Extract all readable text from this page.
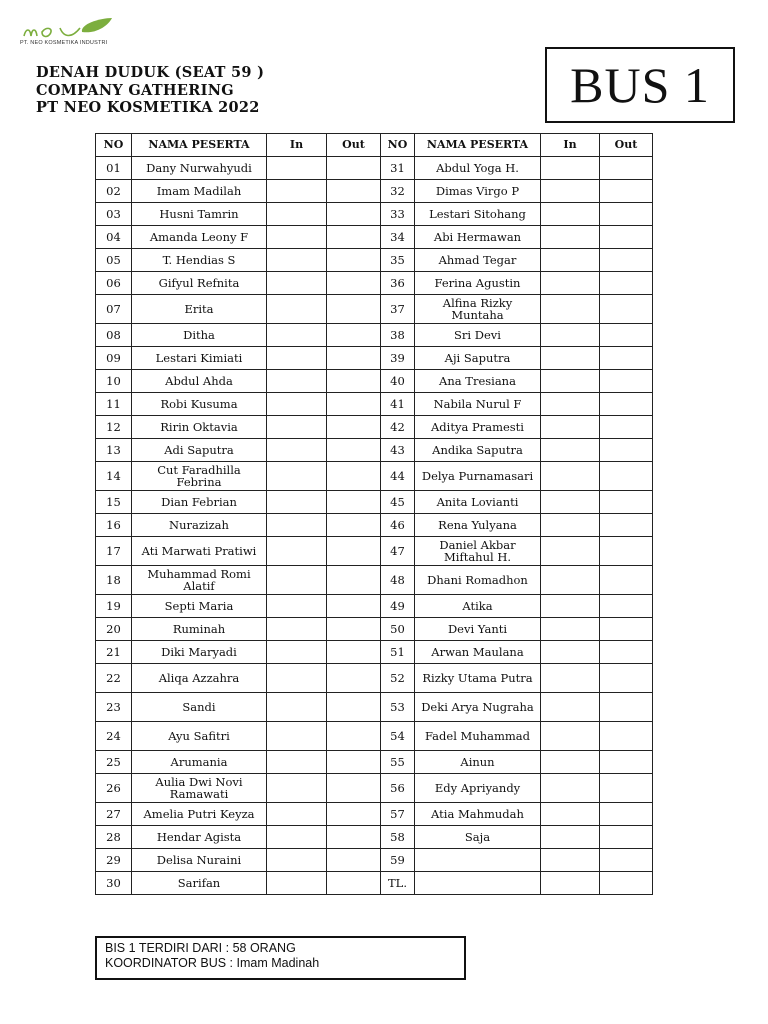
PT. NEO KOSMETIKA INDUSTRI
DENAH DUDUK (SEAT 59 )
COMPANY GATHERING
PT NEO KOSMETIKA 2022	BUS 1
NO	NAMA PESERTA	In	Out	NO	NAMA PESERTA	In	Out
01	Dany Nurwahyudi			31	Abdul Yoga H.		
02	Imam Madilah			32	Dimas Virgo P		
03	Husni Tamrin			33	Lestari Sitohang		
04	Amanda Leony F			34	Abi Hermawan		
05	T. Hendias S			35	Ahmad Tegar		
06	Gifyul Refnita			36	Ferina Agustin		
07	Erita			37	Alfina Rizky Muntaha		
08	Ditha			38	Sri Devi		
09	Lestari Kimiati			39	Aji Saputra		
10	Abdul Ahda			40	Ana Tresiana		
11	Robi Kusuma			41	Nabila Nurul F		
12	Ririn Oktavia			42	Aditya Pramesti		
13	Adi Saputra			43	Andika Saputra		
14	Cut Faradhilla Febrina			44	Delya Purnamasari		
15	Dian Febrian			45	Anita Lovianti		
16	Nurazizah			46	Rena Yulyana		
17	Ati Marwati Pratiwi			47	Daniel Akbar Miftahul H.		
18	Muhammad Romi Alatif			48	Dhani Romadhon		
19	Septi Maria			49	Atika		
20	Ruminah			50	Devi Yanti		
21	Diki Maryadi			51	Arwan Maulana		
22	Aliqa Azzahra			52	Rizky Utama Putra		
23	Sandi			53	Deki Arya Nugraha		
24	Ayu Safitri			54	Fadel Muhammad		
25	Arumania			55	Ainun		
26	Aulia Dwi Novi Ramawati			56	Edy Apriyandy		
27	Amelia Putri Keyza			57	Atia Mahmudah		
28	Hendar Agista			58	Saja		
29	Delisa Nuraini			59			
30	Sarifan			TL.			
BIS 1 TERDIRI DARI : 58 ORANG
KOORDINATOR BUS : Imam Madinah
